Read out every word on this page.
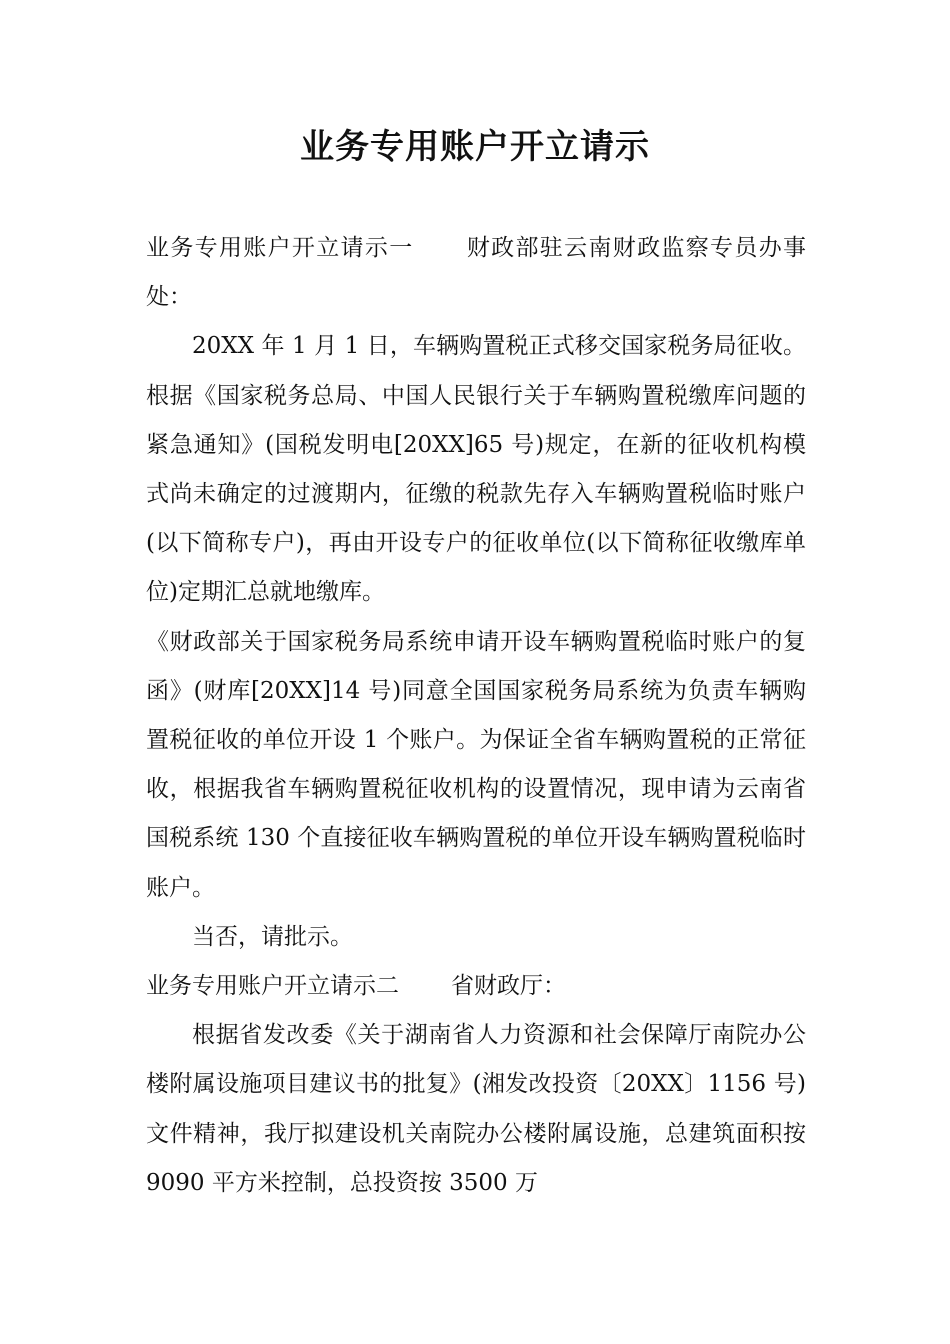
业务专用账户开立请示

业务专用账户开立请示一 财政部驻云南财政监察专员办事处：

20XX 年 1 月 1 日，车辆购置税正式移交国家税务局征收。根据《国家税务总局、中国人民银行关于车辆购置税缴库问题的紧急通知》(国税发明电[20XX]65 号)规定，在新的征收机构模式尚未确定的过渡期内，征缴的税款先存入车辆购置税临时账户(以下简称专户)，再由开设专户的征收单位(以下简称征收缴库单位)定期汇总就地缴库。

《财政部关于国家税务局系统申请开设车辆购置税临时账户的复函》(财库[20XX]14 号)同意全国国家税务局系统为负责车辆购置税征收的单位开设 1 个账户。为保证全省车辆购置税的正常征收，根据我省车辆购置税征收机构的设置情况，现申请为云南省国税系统 130 个直接征收车辆购置税的单位开设车辆购置税临时账户。

当否，请批示。

业务专用账户开立请示二 省财政厅：

根据省发改委《关于湖南省人力资源和社会保障厅南院办公楼附属设施项目建议书的批复》(湘发改投资〔20XX〕1156 号)文件精神，我厅拟建设机关南院办公楼附属设施，总建筑面积按 9090 平方米控制，总投资按 3500 万
